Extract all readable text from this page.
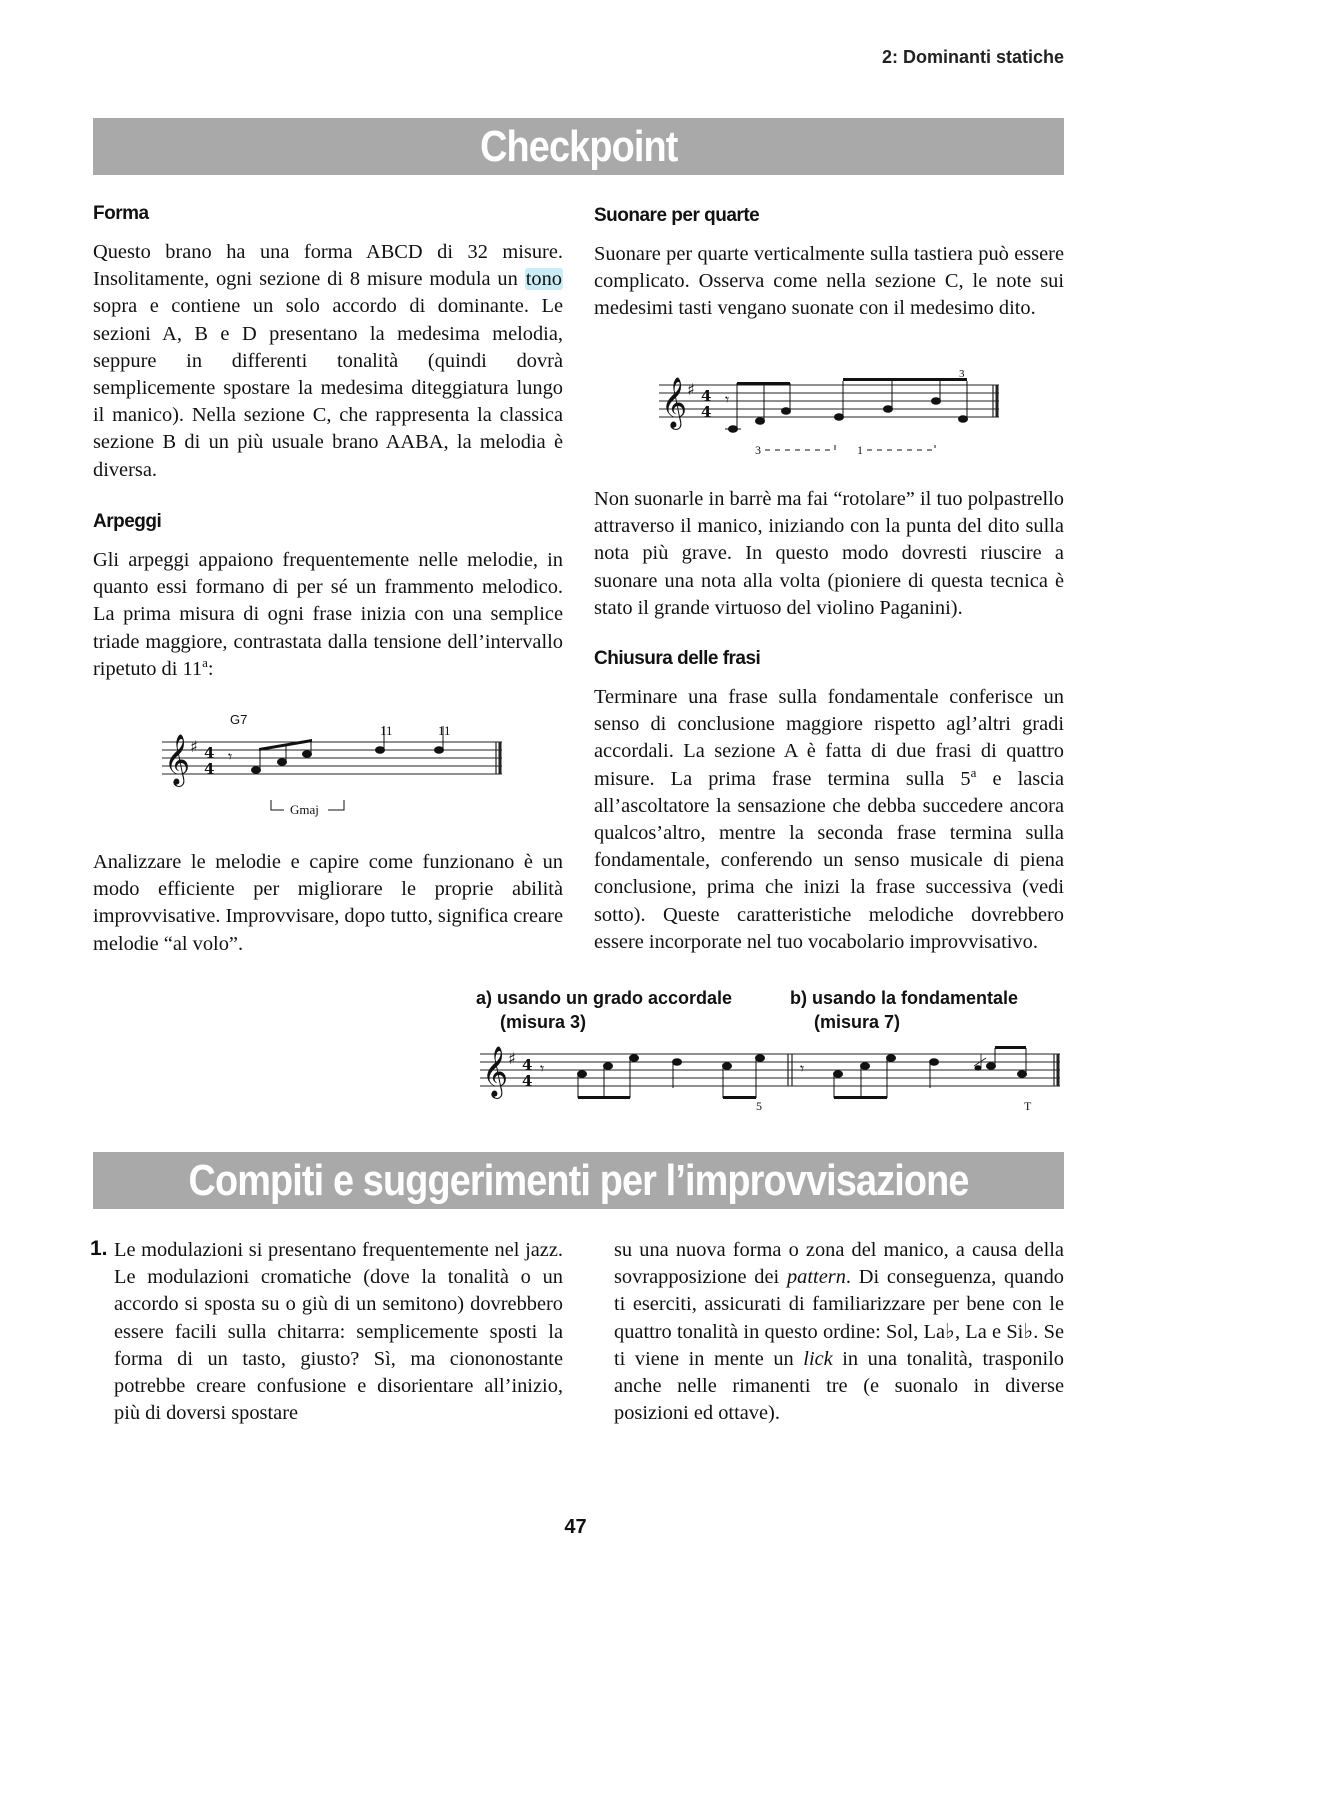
2: Dominanti statiche
Checkpoint
Forma

Questo brano ha una forma ABCD di 32 misure. Insolitamente, ogni sezione di 8 misure modula un tono sopra e contiene un solo accordo di dominante. Le sezioni A, B e D presentano la medesima melodia, seppure in differenti tonalità (quindi dovrà semplicemente spostare la medesima diteggiatura lungo il manico). Nella sezione C, che rappresenta la classica sezione B di un più usuale brano AABA, la melodia è diversa.

Arpeggi

Gli arpeggi appaiono frequentemente nelle melodie, in quanto essi formano di per sé un frammento melodico. La prima misura di ogni frase inizia con una semplice triade maggiore, contrastata dalla tensione dell’intervallo ripetuto di 11$^a$:

𝄞 ♯ 4
4
G7
𝄾
11	11
Gmaj

Analizzare le melodie e capire come funzionano è un modo efficiente per migliorare le proprie abilità improvvisative. Improvvisare, dopo tutto, significa creare melodie “al volo”.

Suonare per quarte

Suonare per quarte verticalmente sulla tastiera può essere complicato. Osserva come nella sezione C, le note sui medesimi tasti vengano suonate con il medesimo dito.

𝄞 ♯ 4
4
𝄾
3
3	1

Non suonarle in barrè ma fai “rotolare” il tuo polpastrello attraverso il manico, iniziando con la punta del dito sulla nota più grave. In questo modo dovresti riuscire a suonare una nota alla volta (pioniere di questa tecnica è stato il grande virtuoso del violino Paganini).

Chiusura delle frasi

Terminare una frase sulla fondamentale conferisce un senso di conclusione maggiore rispetto agl’altri gradi accordali. La sezione A è fatta di due frasi di quattro misure. La prima frase termina sulla 5$^a$ e lascia all’ascoltatore la sensazione che debba succedere ancora qualcos’altro, mentre la seconda frase termina sulla fondamentale, conferendo un senso musicale di piena conclusione, prima che inizi la frase successiva (vedi sotto). Queste caratteristiche melodiche dovrebbero essere incorporate nel tuo vocabolario improvvisativo.

a) usando un grado accordale
(misura 3)
b) usando la fondamentale
(misura 7)
𝄞 ♯ 4
4
𝄾
5
𝄾
T
Compiti e suggerimenti per l’improvvisazione
1. Le modulazioni si presentano frequentemente nel jazz. Le modulazioni cromatiche (dove la tonalità o un accordo si sposta su o giù di un semitono) dovrebbero essere facili sulla chitarra: semplicemente sposti la forma di un tasto, giusto? Sì, ma ciononostante potrebbe creare confusione e disorientare all’inizio, più di doversi spostare

su una nuova forma o zona del manico, a causa della sovrapposizione dei pattern. Di conseguenza, quando ti eserciti, assicurati di familiarizzare per bene con le quattro tonalità in questo ordine: Sol, La♭, La e Si♭. Se ti viene in mente un lick in una tonalità, trasponilo anche nelle rimanenti tre (e suonalo in diverse posizioni ed ottave).

47
